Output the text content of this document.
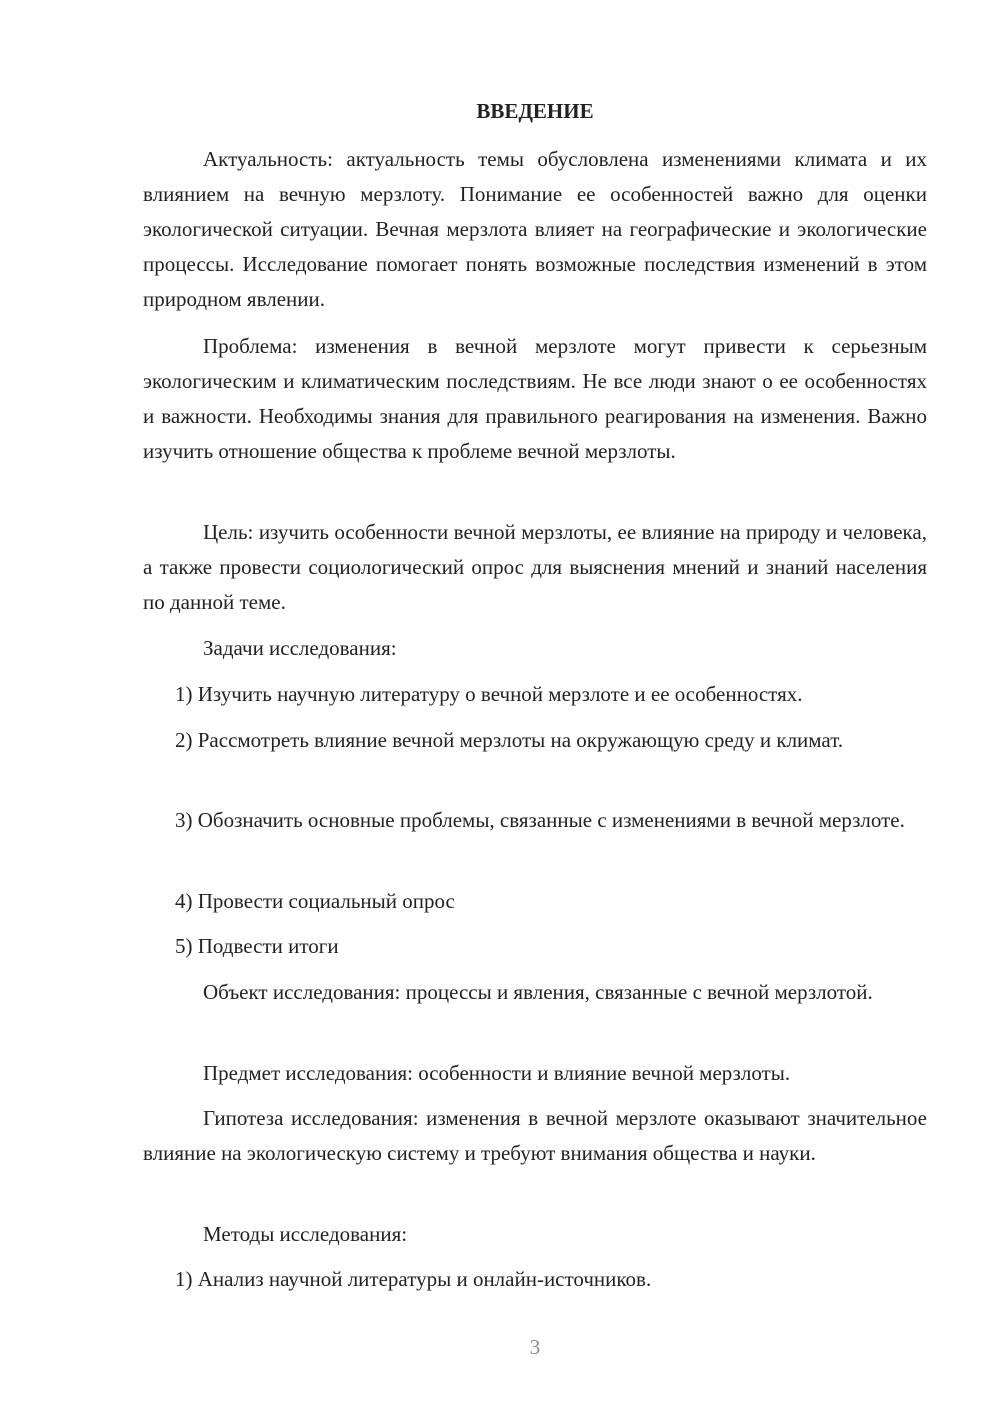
ВВЕДЕНИЕ

Актуальность: актуальность темы обусловлена изменениями климата и их влиянием на вечную мерзлоту. Понимание ее особенностей важно для оценки экологической ситуации. Вечная мерзлота влияет на географические и экологические процессы. Исследование помогает понять возможные последствия изменений в этом природном явлении.

Проблема: изменения в вечной мерзлоте могут привести к серьезным экологическим и климатическим последствиям. Не все люди знают о ее особенностях и важности. Необходимы знания для правильного реагирования на изменения. Важно изучить отношение общества к проблеме вечной мерзлоты.

Цель: изучить особенности вечной мерзлоты, ее влияние на природу и человека, а также провести социологический опрос для выяснения мнений и знаний населения по данной теме.

Задачи исследования:

1) Изучить научную литературу о вечной мерзлоте и ее особенностях.

2) Рассмотреть влияние вечной мерзлоты на окружающую среду и климат.

3) Обозначить основные проблемы, связанные с изменениями в вечной мерзлоте.

4) Провести социальный опрос

5) Подвести итоги

Объект исследования: процессы и явления, связанные с вечной мерзлотой.

Предмет исследования: особенности и влияние вечной мерзлоты.

Гипотеза исследования: изменения в вечной мерзлоте оказывают значительное влияние на экологическую систему и требуют внимания общества и науки.

Методы исследования:

1) Анализ научной литературы и онлайн-источников.

3
